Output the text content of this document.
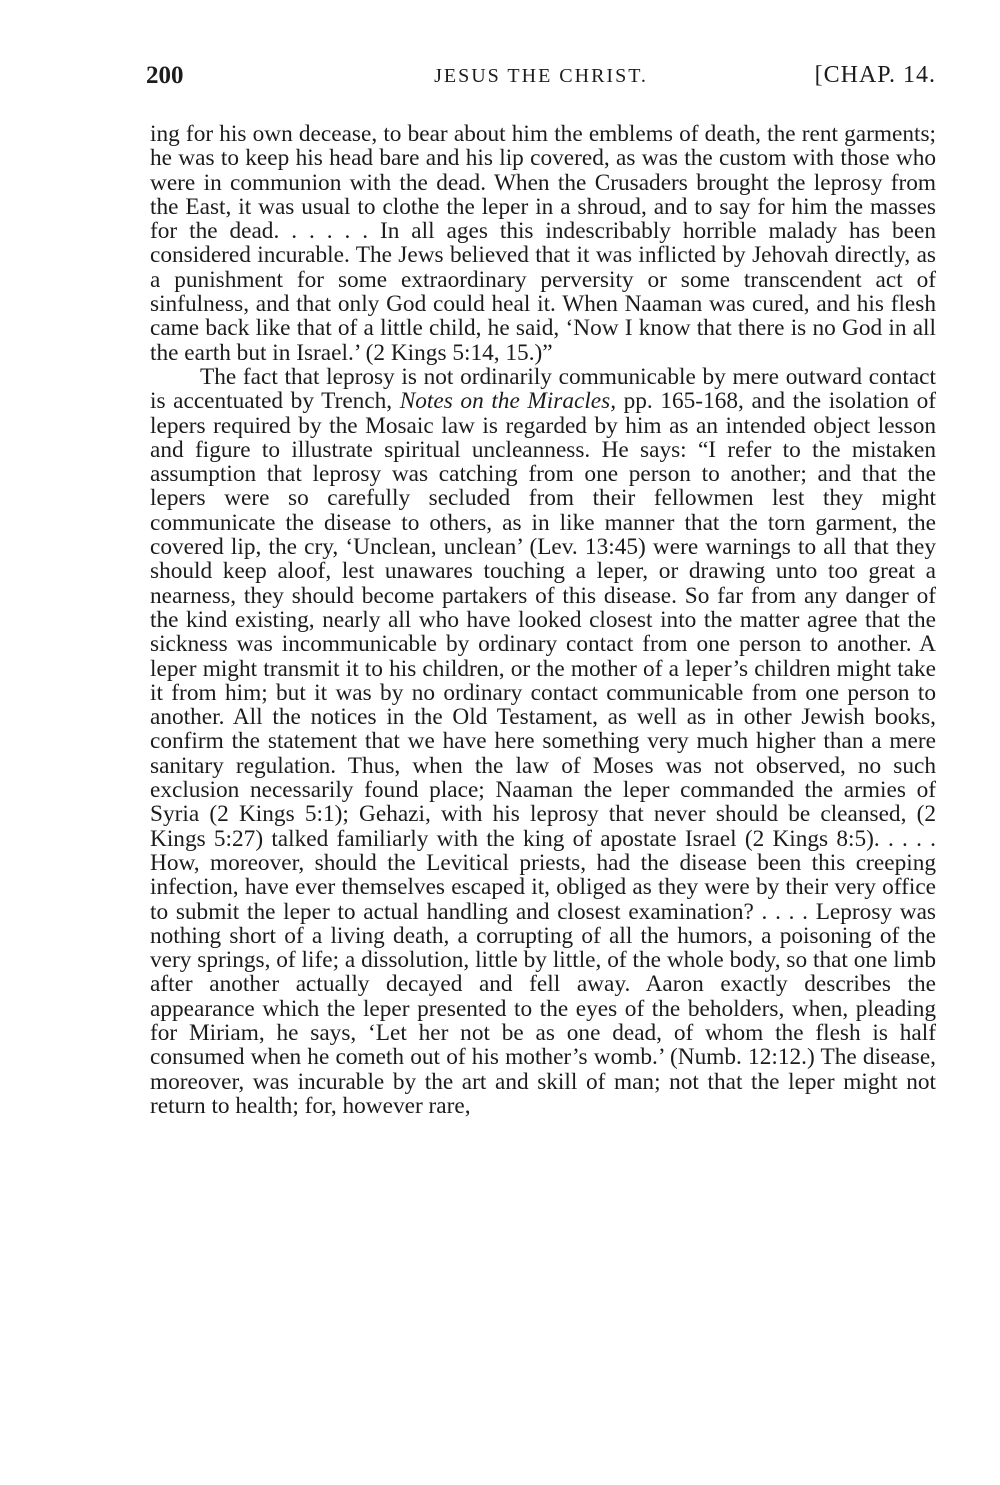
200	JESUS THE CHRIST.	[CHAP. 14.

ing for his own decease, to bear about him the emblems of death, the rent garments; he was to keep his head bare and his lip covered, as was the custom with those who were in communion with the dead. When the Crusaders brought the leprosy from the East, it was usual to clothe the leper in a shroud, and to say for him the masses for the dead. . . . . . In all ages this indescribably horrible malady has been considered incurable. The Jews believed that it was inflicted by Jehovah directly, as a punishment for some extraordinary perversity or some transcendent act of sinfulness, and that only God could heal it. When Naaman was cured, and his flesh came back like that of a little child, he said, ‘Now I know that there is no God in all the earth but in Israel.’ (2 Kings 5:14, 15.)”

The fact that leprosy is not ordinarily communicable by mere outward contact is accentuated by Trench, Notes on the Miracles, pp. 165-168, and the isolation of lepers required by the Mosaic law is regarded by him as an intended object lesson and figure to illustrate spiritual uncleanness. He says: “I refer to the mistaken assumption that leprosy was catching from one person to another; and that the lepers were so carefully secluded from their fellowmen lest they might communicate the disease to others, as in like manner that the torn garment, the covered lip, the cry, ‘Unclean, unclean’ (Lev. 13:45) were warnings to all that they should keep aloof, lest unawares touching a leper, or drawing unto too great a nearness, they should become partakers of this disease. So far from any danger of the kind existing, nearly all who have looked closest into the matter agree that the sickness was incommunicable by ordinary contact from one person to another. A leper might transmit it to his children, or the mother of a leper’s children might take it from him; but it was by no ordinary contact communicable from one person to another. All the notices in the Old Testament, as well as in other Jewish books, confirm the statement that we have here something very much higher than a mere sanitary regulation. Thus, when the law of Moses was not observed, no such exclusion necessarily found place; Naaman the leper commanded the armies of Syria (2 Kings 5:1); Gehazi, with his leprosy that never should be cleansed, (2 Kings 5:27) talked familiarly with the king of apostate Israel (2 Kings 8:5). . . . . How, moreover, should the Levitical priests, had the disease been this creeping infection, have ever themselves escaped it, obliged as they were by their very office to submit the leper to actual handling and closest examination? . . . . Leprosy was nothing short of a living death, a corrupting of all the humors, a poisoning of the very springs, of life; a dissolution, little by little, of the whole body, so that one limb after another actually decayed and fell away. Aaron exactly describes the appearance which the leper presented to the eyes of the beholders, when, pleading for Miriam, he says, ‘Let her not be as one dead, of whom the flesh is half consumed when he cometh out of his mother’s womb.’ (Numb. 12:12.) The disease, moreover, was incurable by the art and skill of man; not that the leper might not return to health; for, however rare,
